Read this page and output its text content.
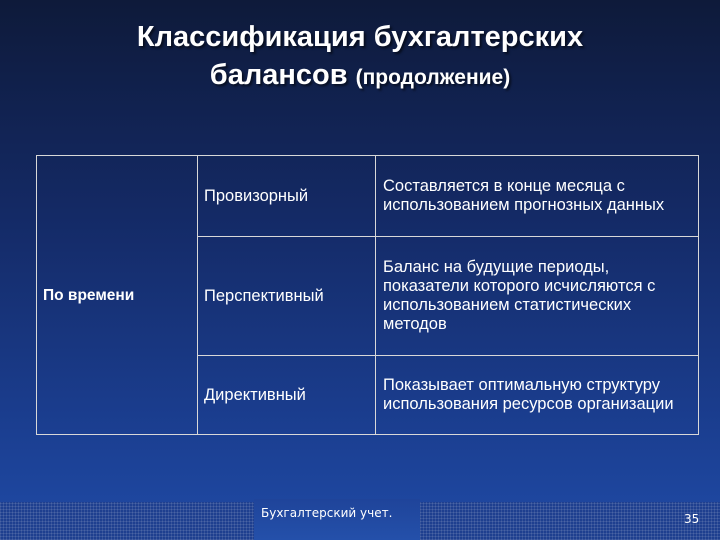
Классификация бухгалтерских
балансов (продолжение)
По времени	Провизорный	Составляется в конце месяца с использованием прогнозных данных
	Перспективный	Баланс на будущие периоды, показатели которого исчисляются с использованием статистических методов
	Директивный	Показывает оптимальную структуру использования ресурсов организации
Бухгалтерский учет.	35
